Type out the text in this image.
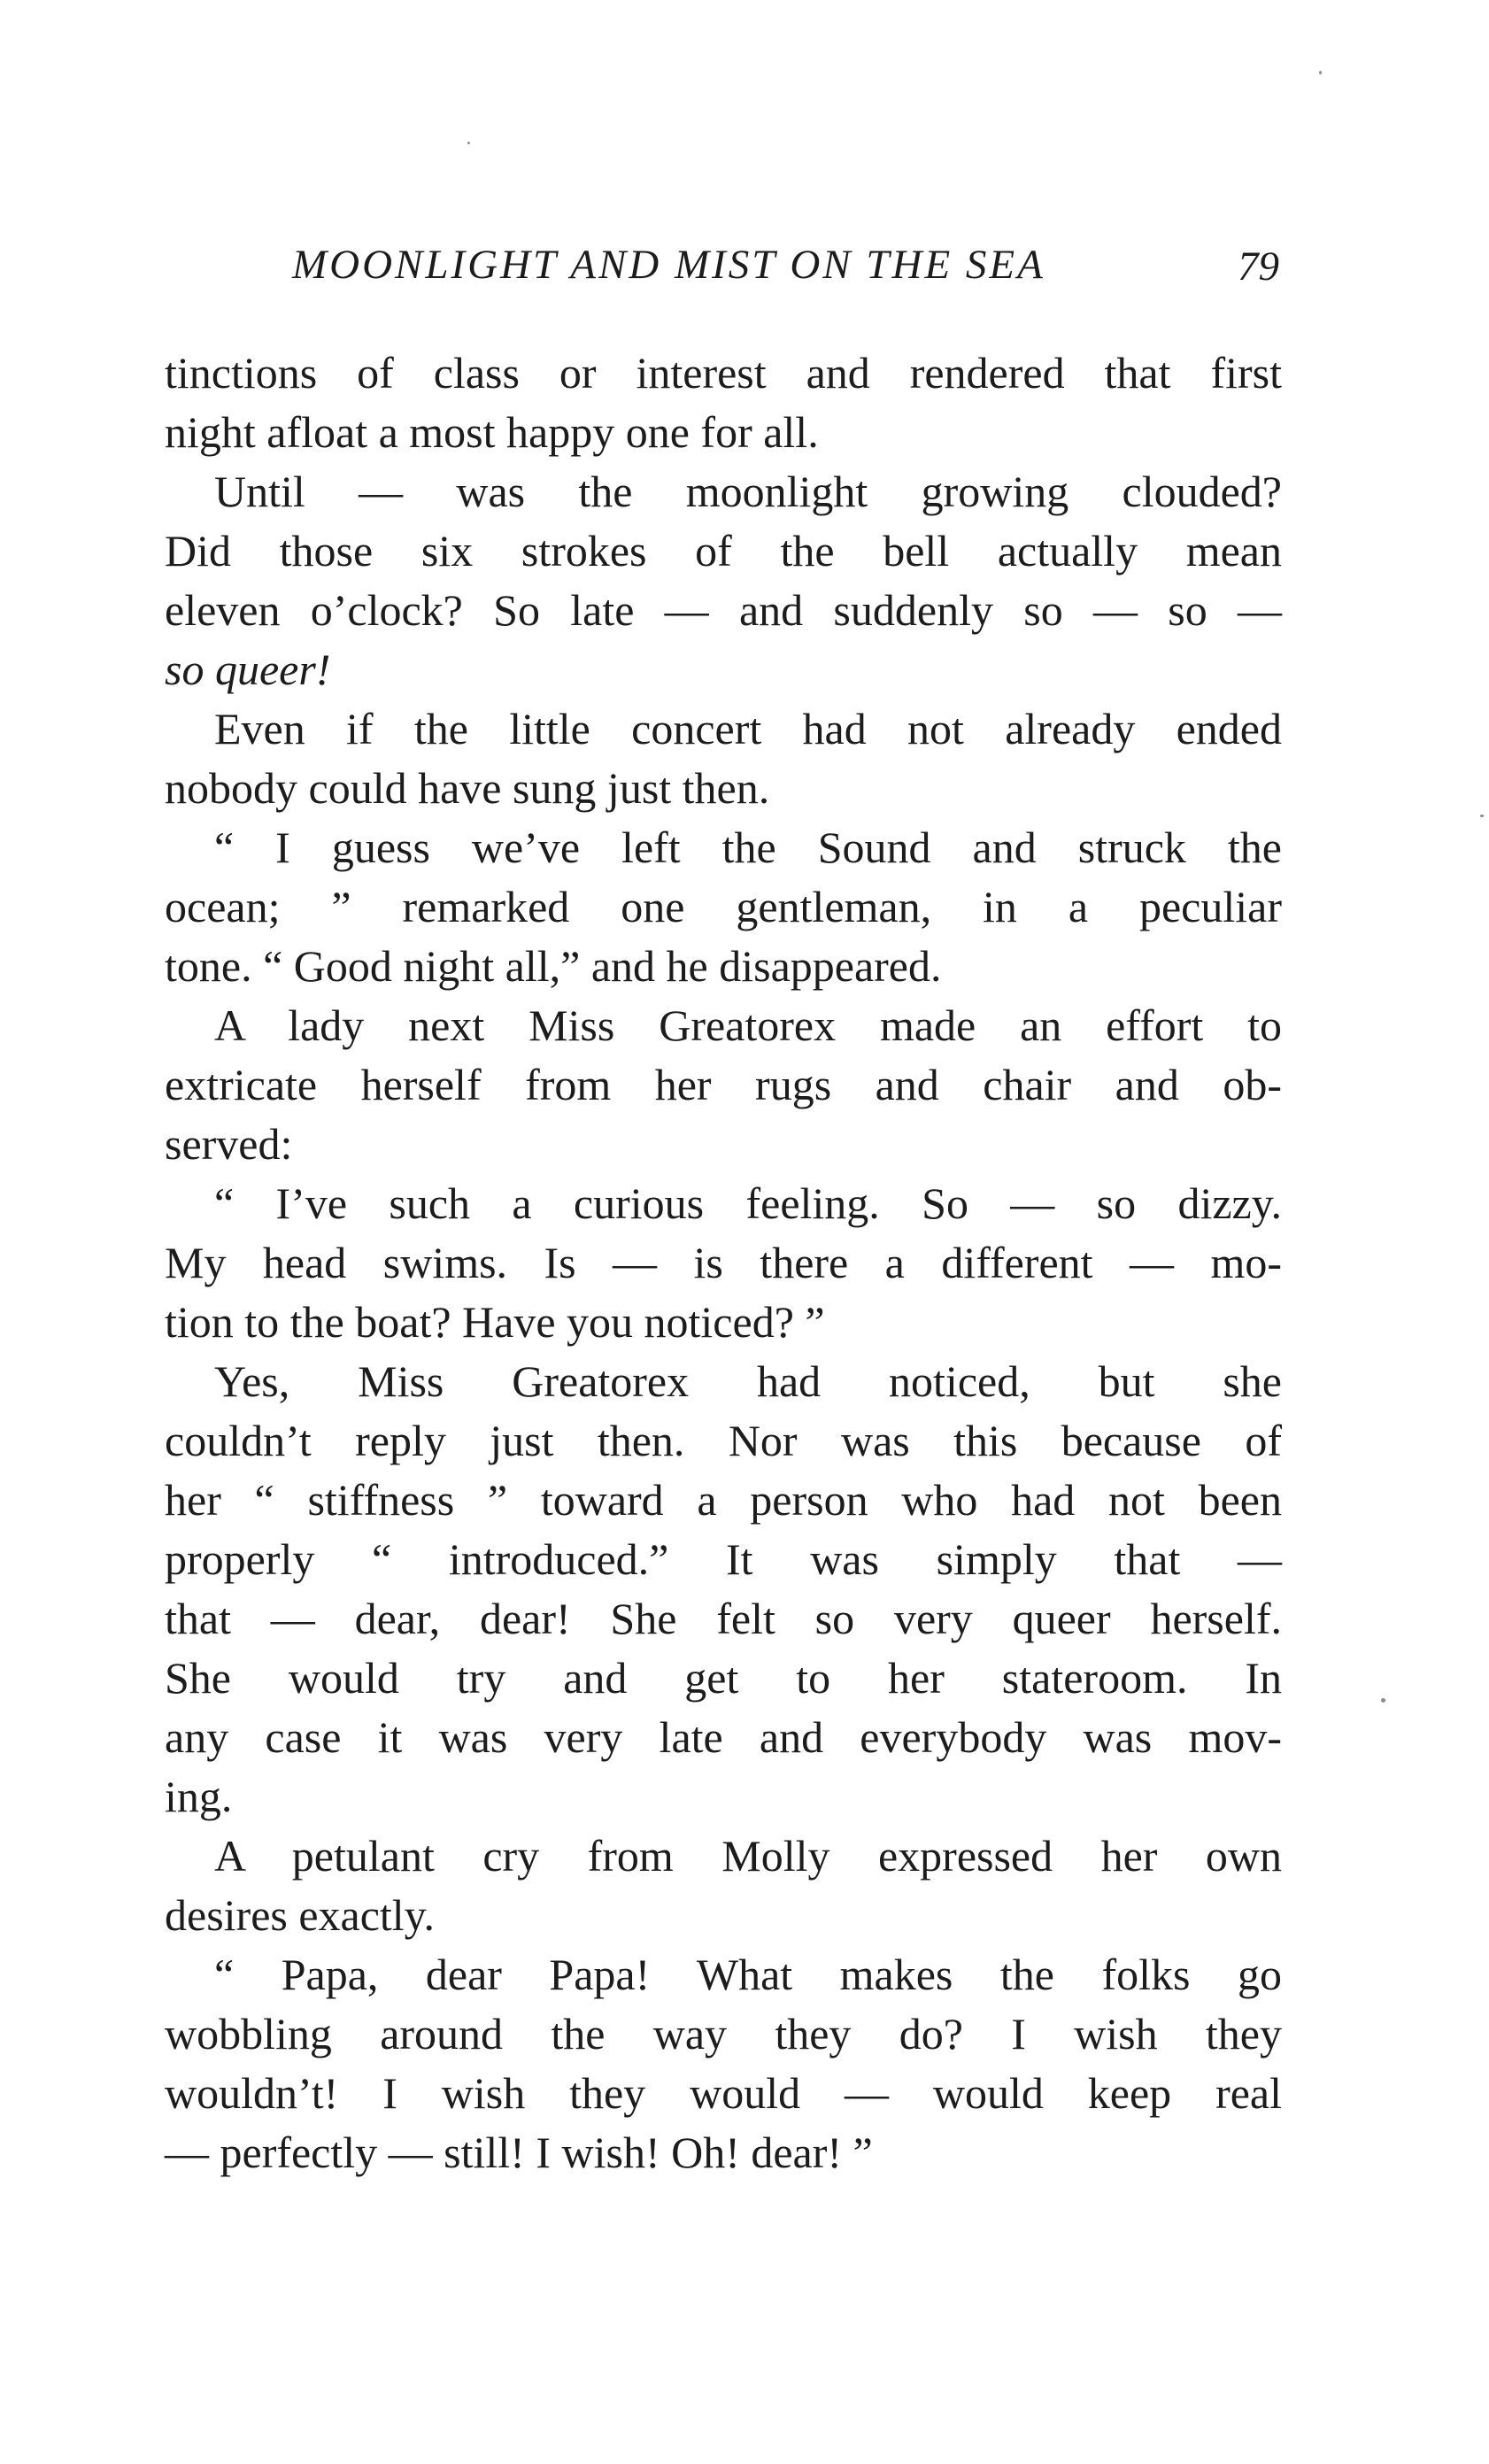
MOONLIGHT AND MIST ON THE SEA	79
tinctions of class or interest and rendered that first
night afloat a most happy one for all.
Until — was the moonlight growing clouded?
Did those six strokes of the bell actually mean
eleven o’clock? So late — and suddenly so — so —
so queer!
Even if the little concert had not already ended
nobody could have sung just then.
“ I guess we’ve left the Sound and struck the
ocean; ” remarked one gentleman, in a peculiar
tone. “ Good night all,” and he disappeared.
A lady next Miss Greatorex made an effort to
extricate herself from her rugs and chair and ob-
served:
“ I’ve such a curious feeling. So — so dizzy.
My head swims. Is — is there a different — mo-
tion to the boat? Have you noticed? ”
Yes, Miss Greatorex had noticed, but she
couldn’t reply just then. Nor was this because of
her “ stiffness ” toward a person who had not been
properly “ introduced.” It was simply that —
that — dear, dear! She felt so very queer herself.
She would try and get to her stateroom. In
any case it was very late and everybody was mov-
ing.
A petulant cry from Molly expressed her own
desires exactly.
“ Papa, dear Papa! What makes the folks go
wobbling around the way they do? I wish they
wouldn’t! I wish they would — would keep real
— perfectly — still! I wish! Oh! dear! ”
